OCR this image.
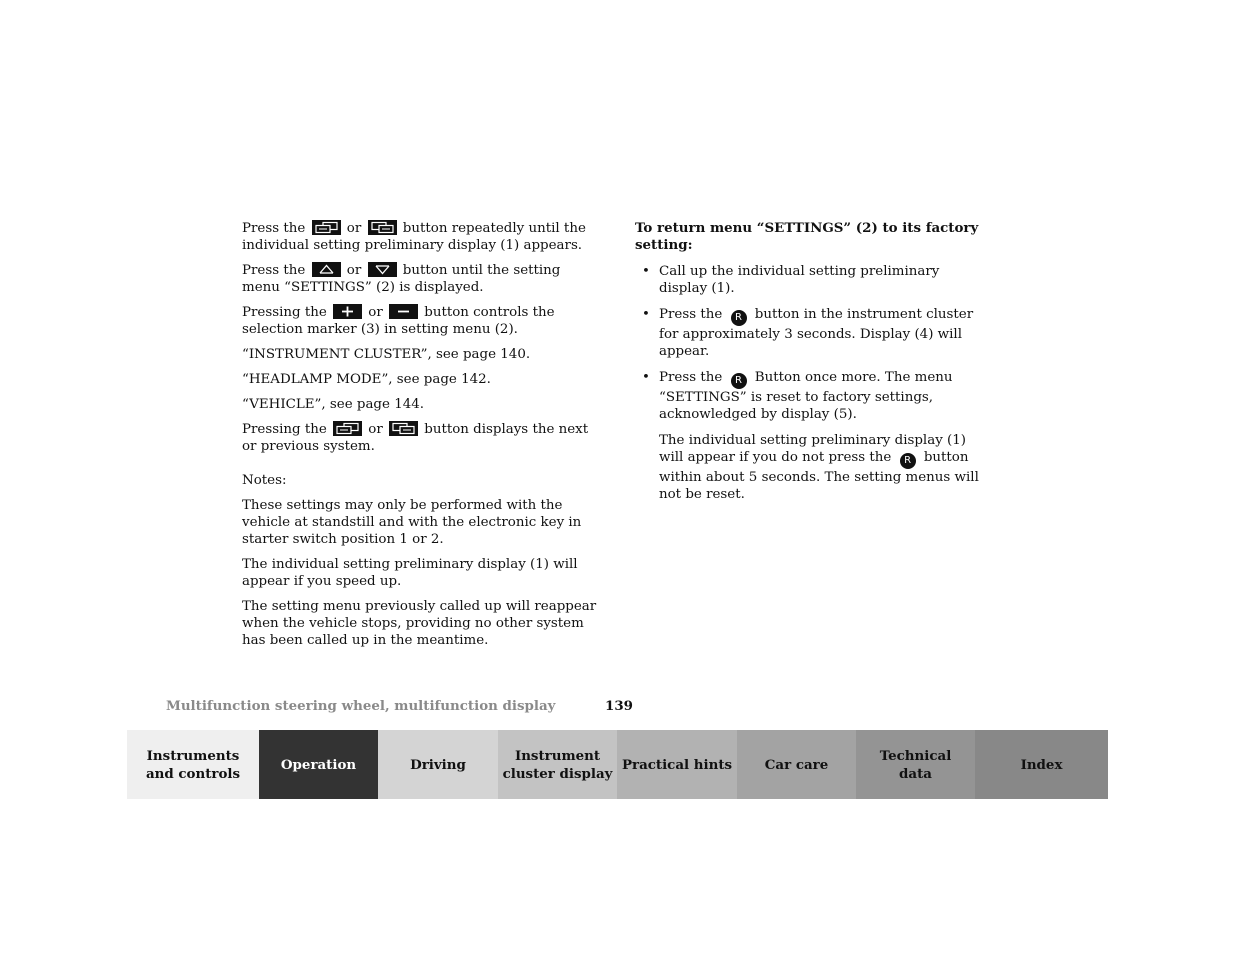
Press the	or	button repeatedly until the individual setting preliminary display (1) appears.

Press the	or	button until the setting menu “SETTINGS” (2) is displayed.

Pressing the	or	button controls the selection marker (3) in setting menu (2).

“INSTRUMENT CLUSTER”, see page 140.

“HEADLAMP MODE”, see page 142.

“VEHICLE”, see page 144.

Pressing the	or	button displays the next or previous system.

Notes:

These settings may only be performed with the vehicle at standstill and with the electronic key in starter switch position 1 or 2.

The individual setting preliminary display (1) will appear if you speed up.

The setting menu previously called up will reappear when the vehicle stops, providing no other system has been called up in the meantime.

To return menu “SETTINGS” (2) to its factory setting:

• Call up the individual setting preliminary display (1).
• Press the R button in the instrument cluster for approximately 3 seconds. Display (4) will appear.
• Press the R Button once more. The menu “SETTINGS” is reset to factory settings, acknowledged by display (5).

The individual setting preliminary display (1) will appear if you do not press the R button within about 5 seconds. The setting menus will not be reset.

Multifunction steering wheel, multifunction display	139
Instruments
and controls
Operation	Driving
Instrument
cluster display
Practical hints Car care
Technical
data
Index
